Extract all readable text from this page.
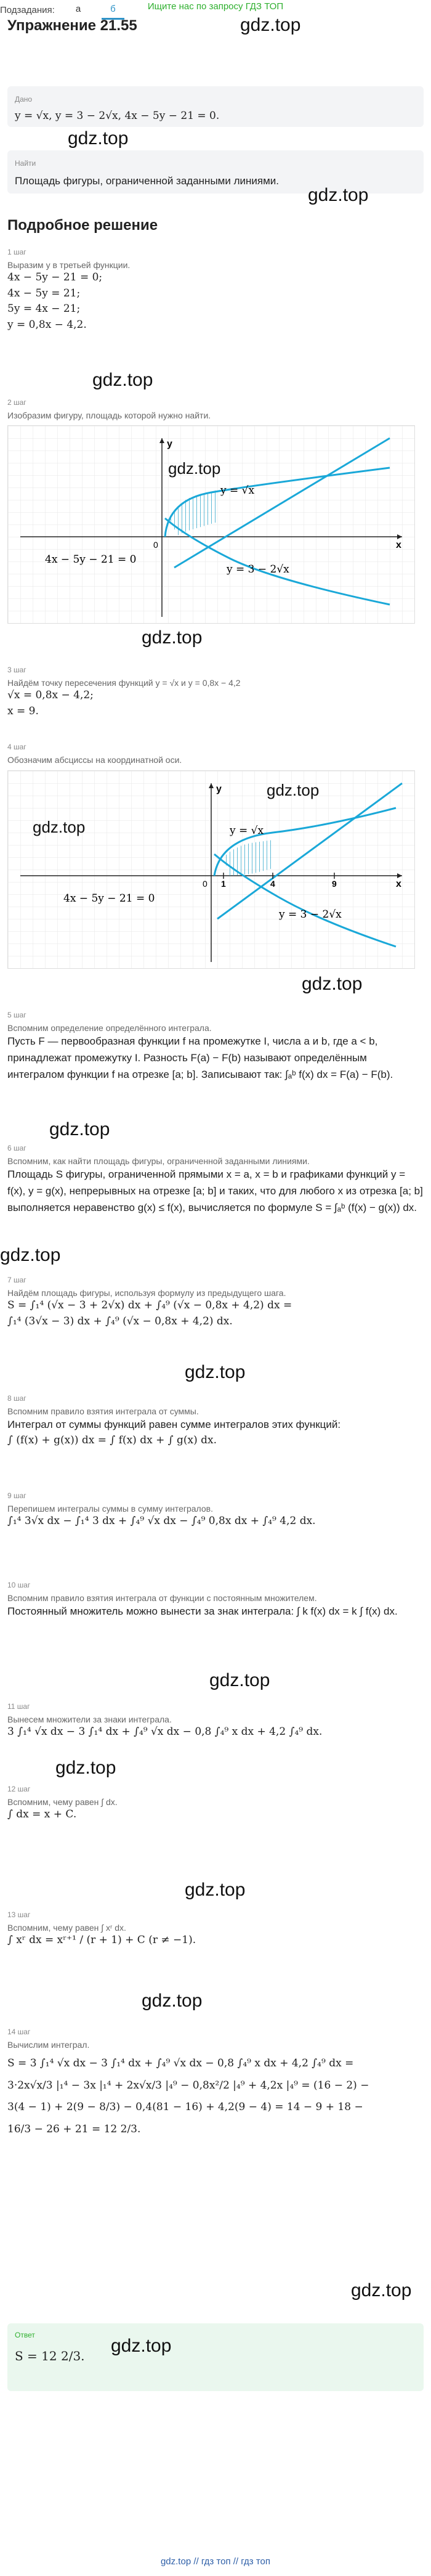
Ищите нас по запросу ГДЗ ТОП
Упражнение 21.55	gdz.top
Подзадания:	а	б
Дано
y = √x, y = 3 − 2√x, 4x − 5y − 21 = 0.
gdz.top
Найти
Площадь фигуры, ограниченной заданными линиями.
gdz.top
Подробное решение
1 шаг
Выразим y в третьей функции.
4x − 5y − 21 = 0;
4x − 5y = 21;
5y = 4x − 21;
y = 0,8x − 4,2.
gdz.top
2 шаг
Изобразим фигуру, площадь которой нужно найти.
y
x
0
y = √x
y = 3 − 2√x
4x − 5y − 21 = 0
gdz.top
gdz.top
3 шаг
Найдём точку пересечения функций y = √x и y = 0,8x − 4,2
√x = 0,8x − 4,2;
x = 9.
4 шаг
Обозначим абсциссы на координатной оси.
y
x
0 1	4	9
y = √x
y = 3 − 2√x
4x − 5y − 21 = 0
gdz.top
gdz.top
gdz.top
5 шаг
Вспомним определение определённого интеграла.
Пусть F — первообразная функции f на промежутке I, числа a и b, где a < b, принадлежат промежутку I. Разность F(a) − F(b) называют определённым интегралом функции f на отрезке [a; b]. Записывают так: ∫ₐᵇ f(x) dx = F(a) − F(b).
gdz.top
6 шаг
Вспомним, как найти площадь фигуры, ограниченной заданными линиями.
Площадь S фигуры, ограниченной прямыми x = a, x = b и графиками функций y = f(x), y = g(x), непрерывных на отрезке [a; b] и таких, что для любого x из отрезка [a; b] выполняется неравенство g(x) ≤ f(x), вычисляется по формуле S = ∫ₐᵇ (f(x) − g(x)) dx.
gdz.top
7 шаг
Найдём площадь фигуры, используя формулу из предыдущего шага.
S = ∫₁⁴ (√x − 3 + 2√x) dx + ∫₄⁹ (√x − 0,8x + 4,2) dx =
∫₁⁴ (3√x − 3) dx + ∫₄⁹ (√x − 0,8x + 4,2) dx.
gdz.top
8 шаг
Вспомним правило взятия интеграла от суммы.
Интеграл от суммы функций равен сумме интегралов этих функций:
∫ (f(x) + g(x)) dx = ∫ f(x) dx + ∫ g(x) dx.
9 шаг
Перепишем интегралы суммы в сумму интегралов.
∫₁⁴ 3√x dx − ∫₁⁴ 3 dx + ∫₄⁹ √x dx − ∫₄⁹ 0,8x dx + ∫₄⁹ 4,2 dx.
10 шаг
Вспомним правило взятия интеграла от функции с постоянным множителем.
Постоянный множитель можно вынести за знак интеграла: ∫ k f(x) dx = k ∫ f(x) dx.
gdz.top
11 шаг
Вынесем множители за знаки интеграла.
3 ∫₁⁴ √x dx − 3 ∫₁⁴ dx + ∫₄⁹ √x dx − 0,8 ∫₄⁹ x dx + 4,2 ∫₄⁹ dx.
gdz.top
12 шаг
Вспомним, чему равен ∫ dx.
∫ dx = x + C.
gdz.top
13 шаг
Вспомним, чему равен ∫ xʳ dx.
∫ xʳ dx = xʳ⁺¹ / (r + 1) + C (r ≠ −1).
gdz.top
14 шаг
Вычислим интеграл.
S = 3 ∫₁⁴ √x dx − 3 ∫₁⁴ dx + ∫₄⁹ √x dx − 0,8 ∫₄⁹ x dx + 4,2 ∫₄⁹ dx =
3·2x√x/3 |₁⁴ − 3x |₁⁴ + 2x√x/3 |₄⁹ − 0,8x²/2 |₄⁹ + 4,2x |₄⁹ = (16 − 2) −
3(4 − 1) + 2(9 − 8/3) − 0,4(81 − 16) + 4,2(9 − 4) = 14 − 9 + 18 −
16/3 − 26 + 21 = 12 2/3.
gdz.top
Ответ
S = 12 2/3.	gdz.top
gdz.top // гдз топ // гдз топ
